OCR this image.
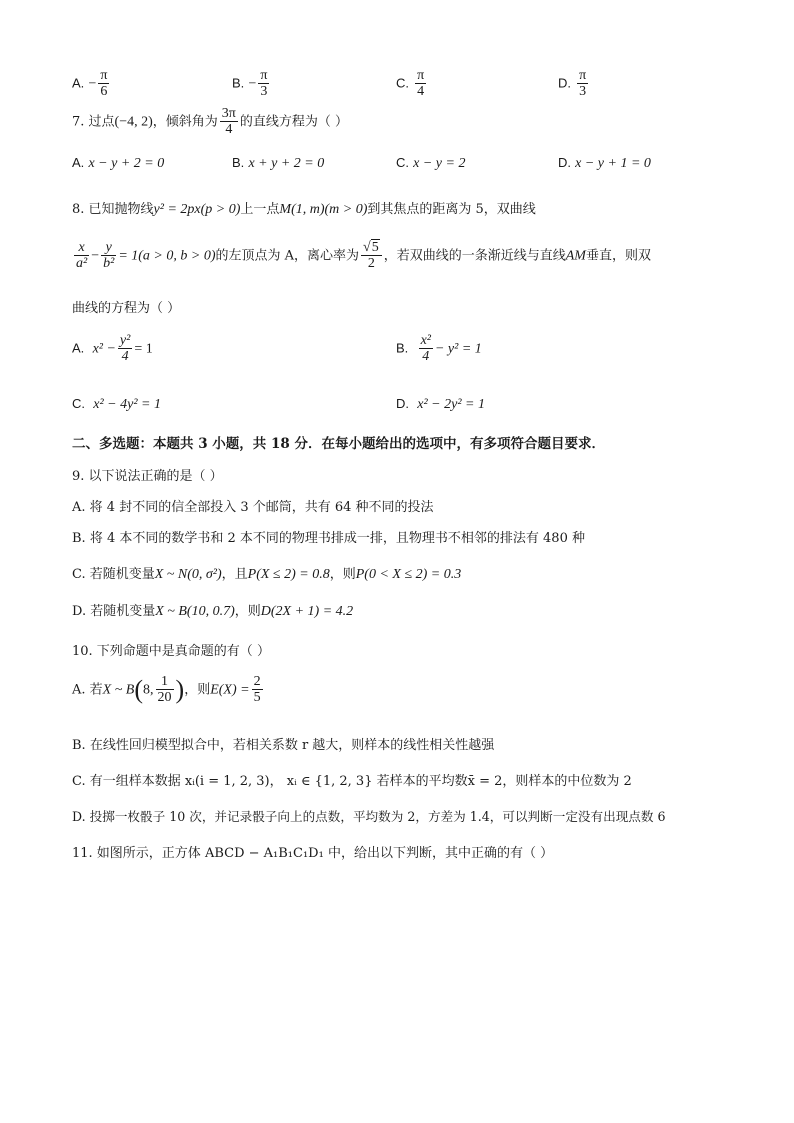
A. − $\frac{\pi}{6}$	B. − $\frac{\pi}{3}$	C. $\frac{\pi}{4}$	D. $\frac{\pi}{3}$
7. 过点(−4, 2)，倾斜角为 $\frac{3\pi}{4}$ 的直线方程为（ ）
A. x − y + 2 = 0	B. x + y + 2 = 0	C. x − y = 2	D. x − y + 1 = 0
8. 已知抛物线y² = 2px(p > 0)上一点M(1, m)(m > 0)到其焦点的距离为 5，双曲线
$\frac{x}{\text{a²}} - \frac{y}{\text{b²}} = 1(a > 0$, b > 0)的左顶点为 A，离心率为 $\frac{√5}{2}$ ，若双曲线的一条渐近线与直线AM垂直，则双
曲线的方程为（ ）
A. $x^2 - \frac{\text{y²}}{4} = 1$	B. $\frac{\text{x²}}{4} - y^2 = 1$
C. x² − 4y² = 1	D. x² − 2y² = 1
二、多选题：本题共 3 小题，共 18 分．在每小题给出的选项中，有多项符合题目要求．
9. 以下说法正确的是（ ）
A. 将 4 封不同的信全部投入 3 个邮筒，共有 64 种不同的投法
B. 将 4 本不同的数学书和 2 本不同的物理书排成一排，且物理书不相邻的排法有 480 种
C. 若随机变量X ~ N(0, σ²)，且P(X ≤ 2) = 0.8，则P(0 < X ≤ 2) = 0.3
D. 若随机变量X ~ B(10, 0.7)，则D(2X + 1) = 4.2
10. 下列命题中是真命题的有（ ）
A. 若X ~ B(8, $\frac{1}{20}$ )，则$E(X) = \frac{2}{5}$
B. 在线性回归模型拟合中，若相关系数 r 越大，则样本的线性相关性越强
C. 有一组样本数据 xᵢ(i = 1, 2, 3)， xᵢ ∈ {1, 2, 3} 若样本的平均数x̄ = 2，则样本的中位数为 2
D. 投掷一枚骰子 10 次，并记录骰子向上的点数，平均数为 2，方差为 1.4，可以判断一定没有出现点数 6
11. 如图所示，正方体 ABCD − A₁B₁C₁D₁ 中，给出以下判断，其中正确的有（ ）
